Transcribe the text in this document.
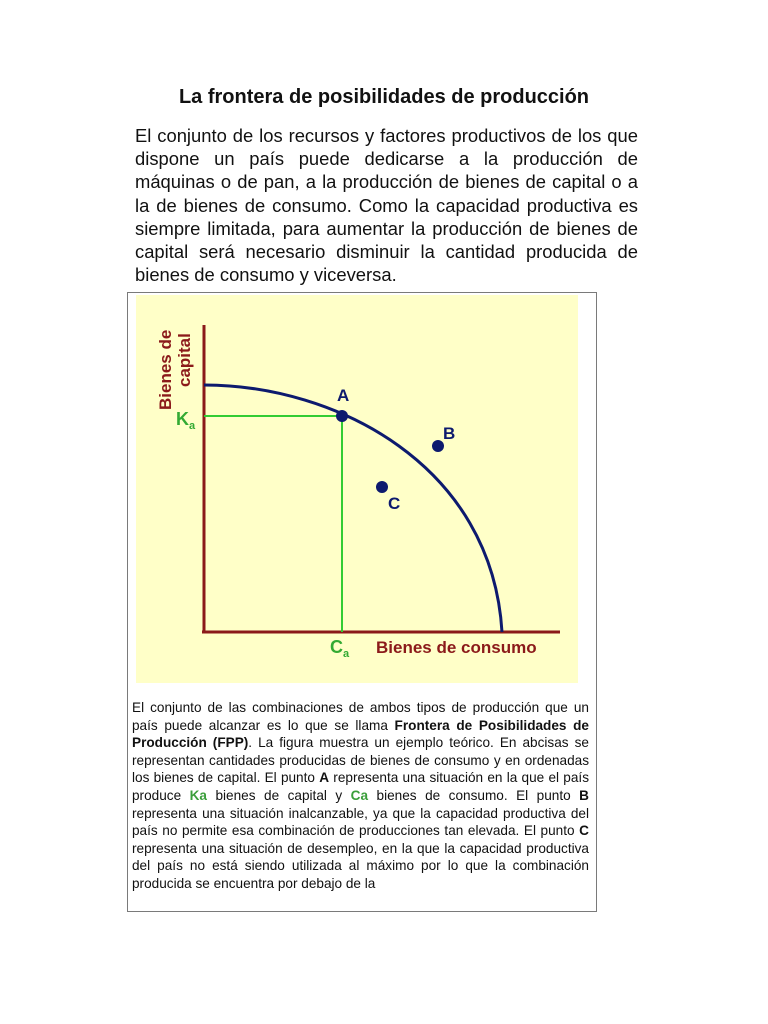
La frontera de posibilidades de producción

El conjunto de los recursos y factores productivos de los que dispone un país puede dedicarse a la producción de máquinas o de pan, a la producción de bienes de capital o a la de bienes de consumo. Como la capacidad productiva es siempre limitada, para aumentar la producción de bienes de capital será necesario disminuir la cantidad producida de bienes de consumo y viceversa.

A
B
C
$K_a$
$C_a$ Bienes de consumo
Bienes de capital

El conjunto de las combinaciones de ambos tipos de producción que un país puede alcanzar es lo que se llama Frontera de Posibilidades de Producción (FPP). La figura muestra un ejemplo teórico. En abcisas se representan cantidades producidas de bienes de consumo y en ordenadas los bienes de capital. El punto A representa una situación en la que el país produce Ka bienes de capital y Ca bienes de consumo. El punto B representa una situación inalcanzable, ya que la capacidad productiva del país no permite esa combinación de producciones tan elevada. El punto C representa una situación de desempleo, en la que la capacidad productiva del país no está siendo utilizada al máximo por lo que la combinación producida se encuentra por debajo de la
